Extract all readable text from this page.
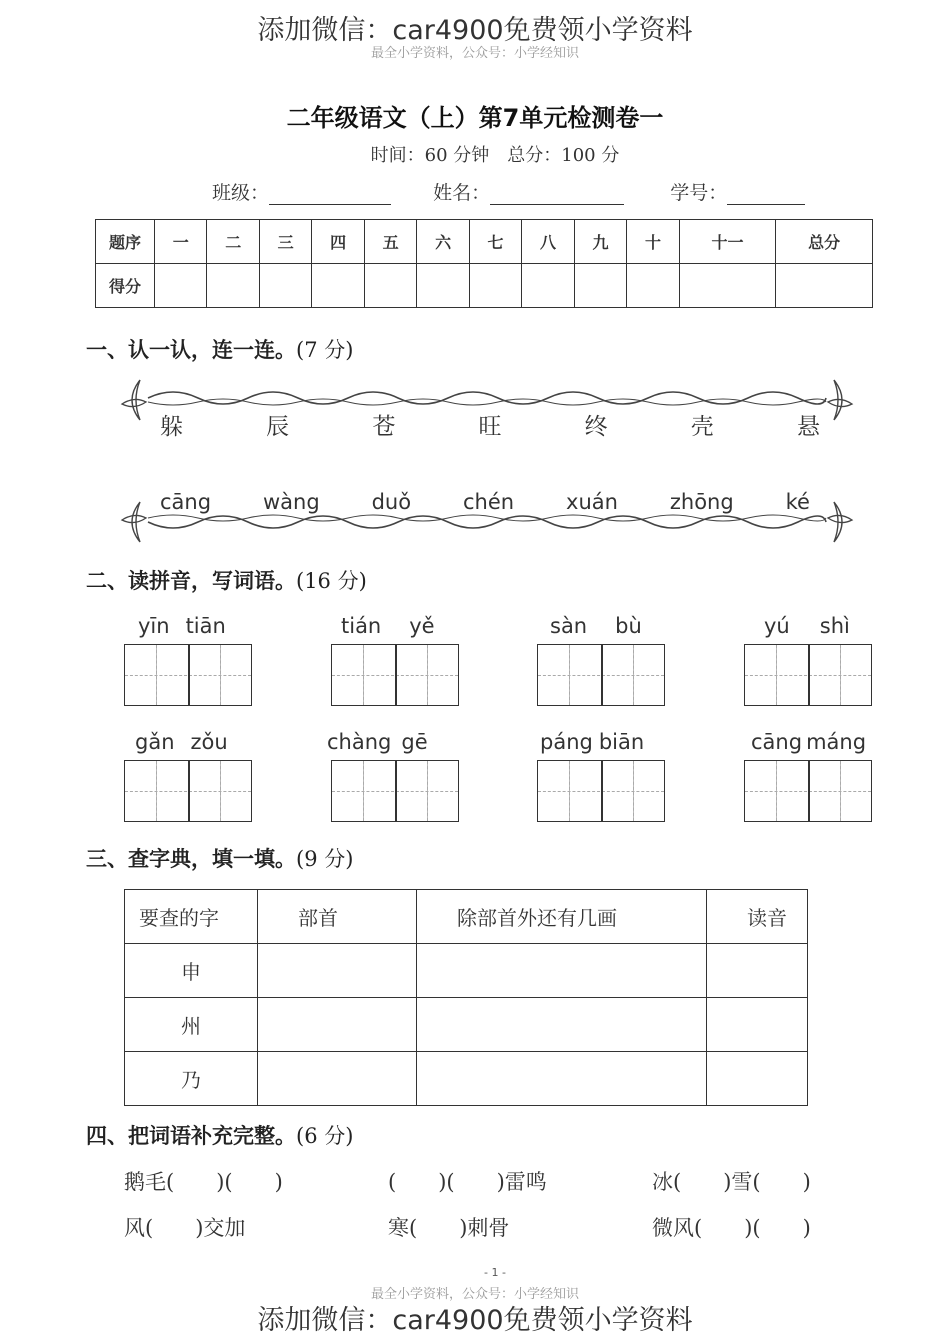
添加微信：car4900免费领小学资料
最全小学资料，公众号：小学经知识
二年级语文（上）第7单元检测卷一
时间：60 分钟　总分：100 分
班级：	姓名：	学号：
题序	一	二	三	四	五	六	七	八	九	十	十一	总分
得分												
一、认一认，连一连。(7 分)
躲	辰	苍	旺	终	壳	悬
cāng wàng duǒ chén xuán zhōng ké
二、读拼音，写词语。(16 分)
yīn tiān	tián yě	sàn bù	yú shì
gǎn zǒu	chàng gē	páng biān	cāng máng
三、查字典，填一填。(9 分)
要查的字	部首	除部首外还有几画	读音
申			
州			
乃			
四、把词语补充完整。(6 分)
鹅毛(　　)(　　)	(　　)(　　)雷鸣	冰(　　)雪(　　)
风(　　)交加	寒(　　)刺骨	微风(　　)(　　)
- 1 -
最全小学资料，公众号：小学经知识
添加微信：car4900免费领小学资料
